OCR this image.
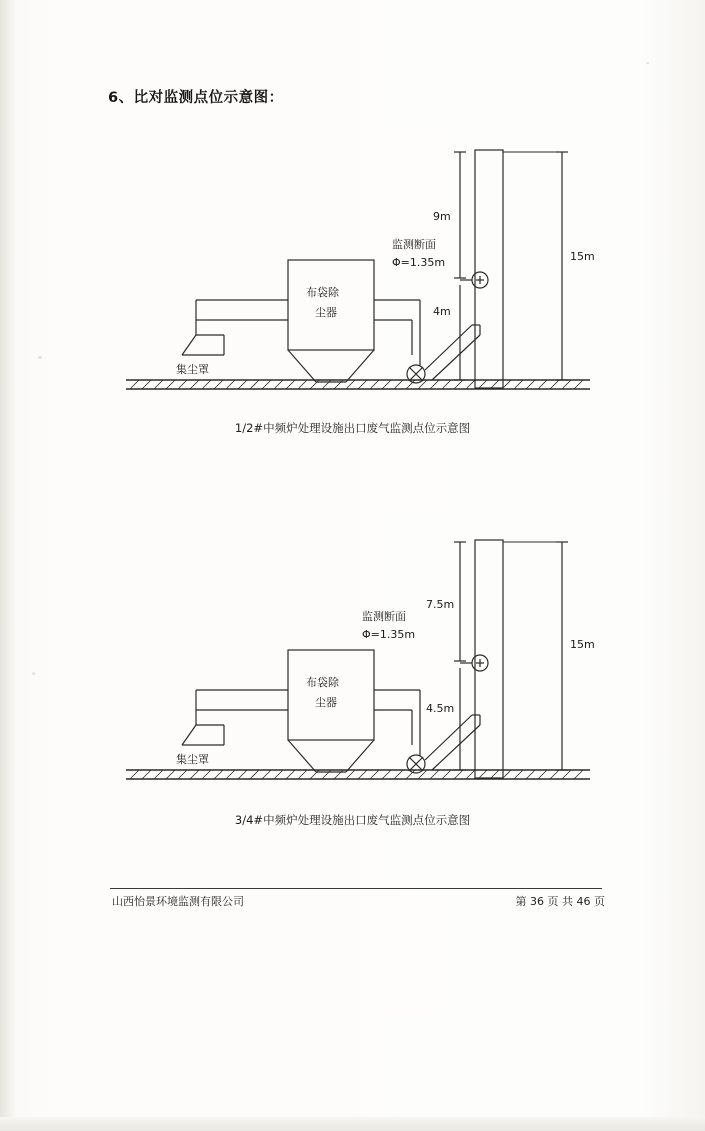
6、比对监测点位示意图：
集尘罩
布袋除
尘器
监测断面
Φ=1.35m
9m
4m
15m
1/2#中频炉处理设施出口废气监测点位示意图
集尘罩
布袋除
尘器
监测断面
Φ=1.35m
7.5m
4.5m
15m
3/4#中频炉处理设施出口废气监测点位示意图
山西怡景环境监测有限公司	第 36 页 共 46 页
